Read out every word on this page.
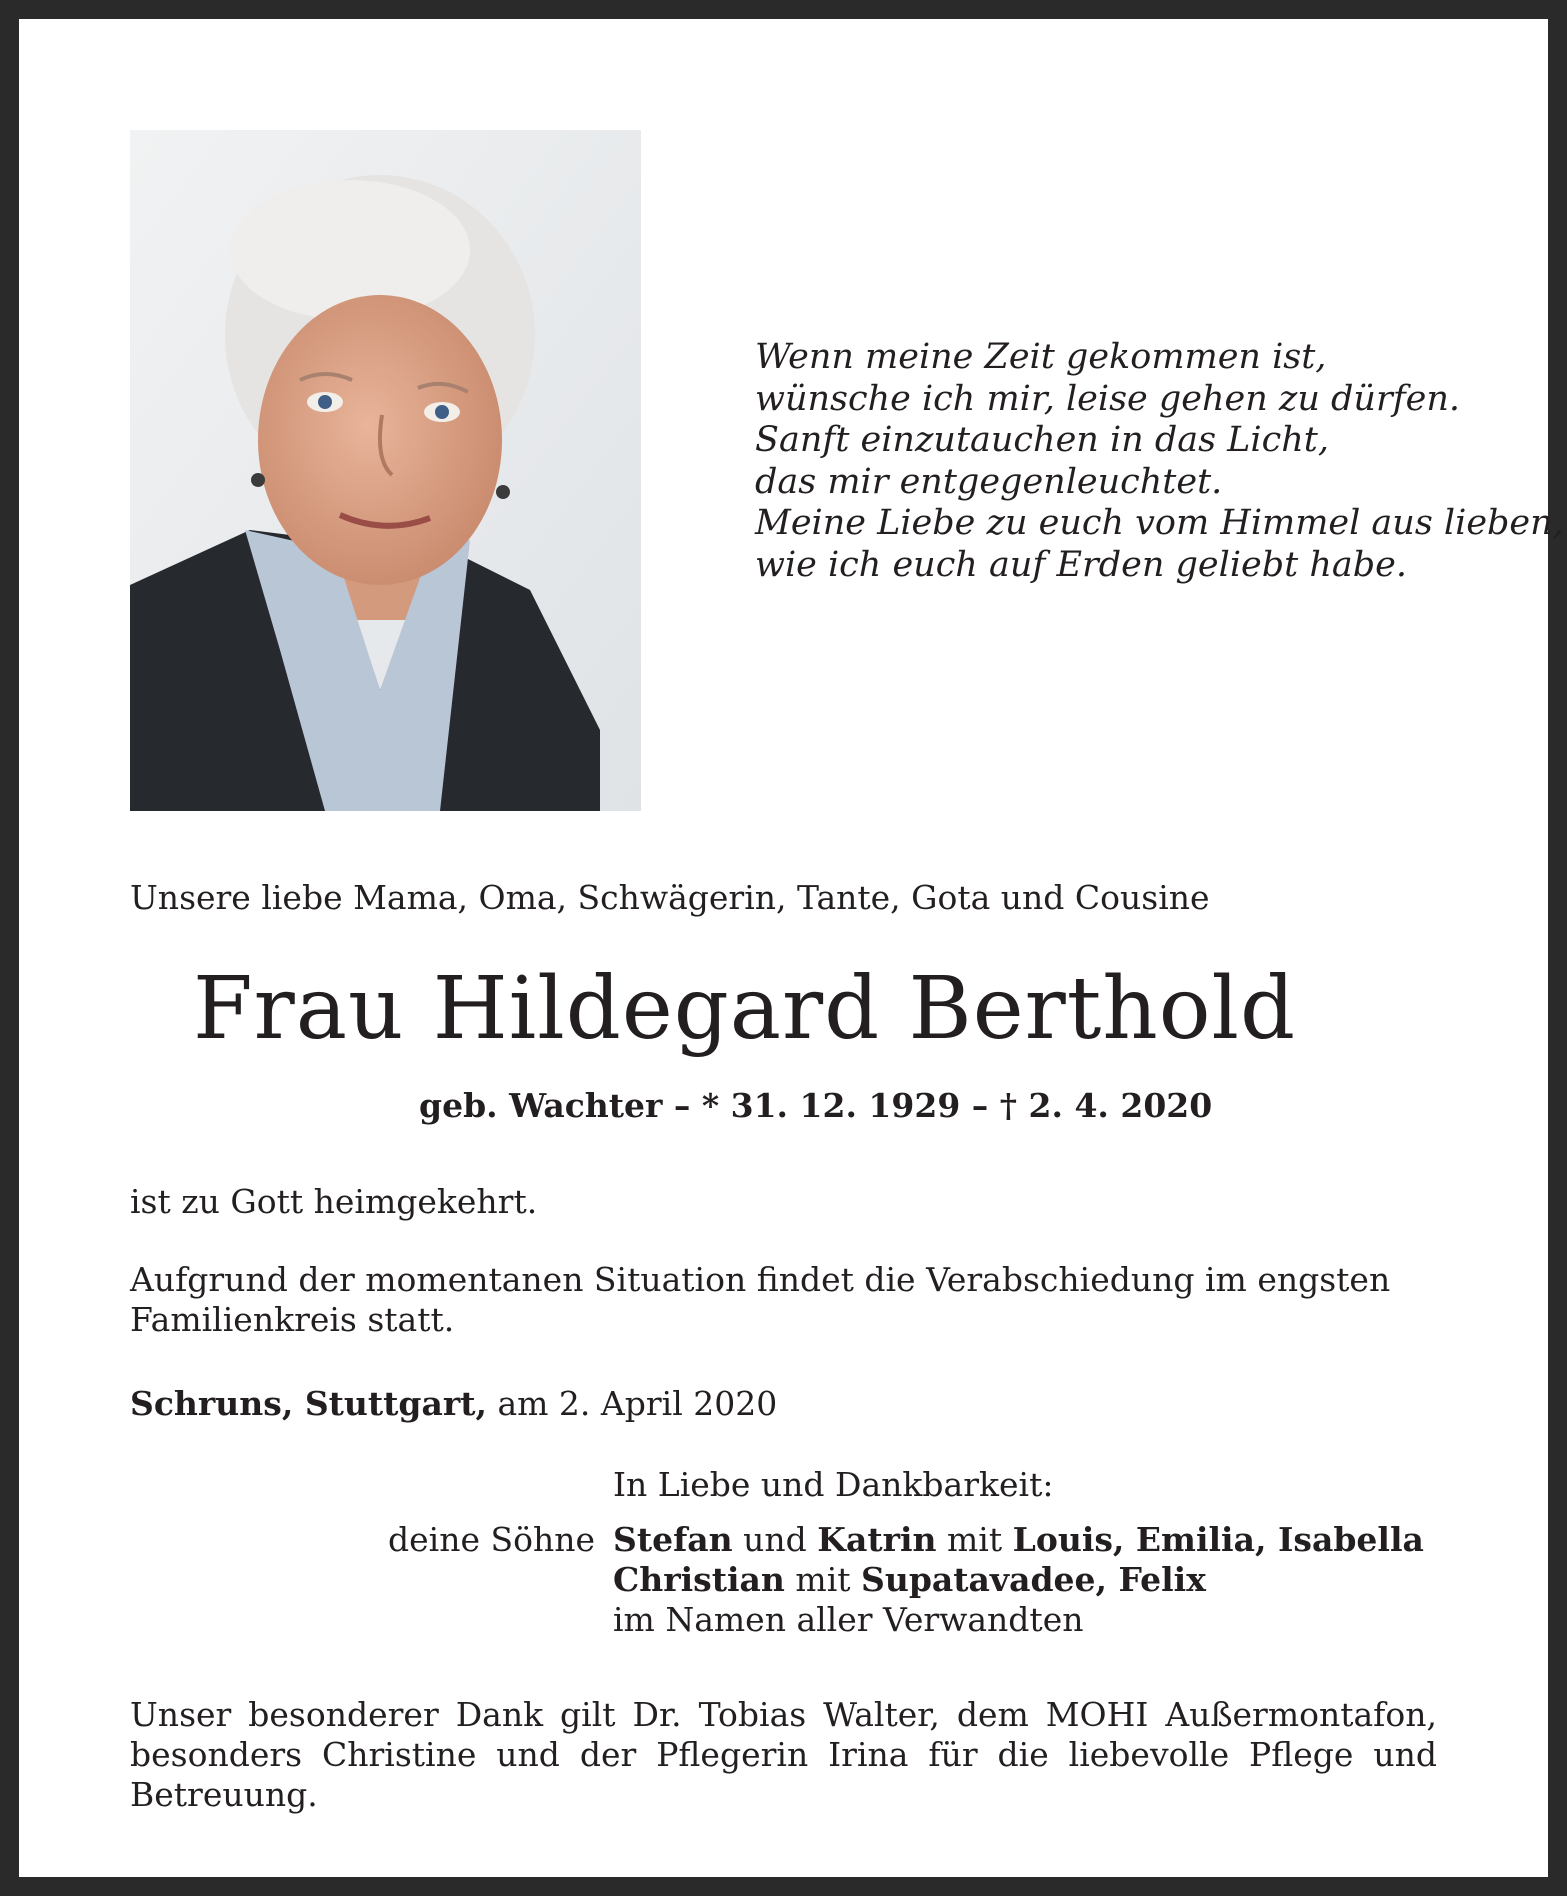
Wenn meine Zeit gekommen ist,
wünsche ich mir, leise gehen zu dürfen.
Sanft einzutauchen in das Licht,
das mir entgegenleuchtet.
Meine Liebe zu euch vom Himmel aus lieben,
wie ich euch auf Erden geliebt habe.
Unsere liebe Mama, Oma, Schwägerin, Tante, Gota und Cousine
Frau Hildegard Berthold
geb. Wachter – * 31. 12. 1929 – † 2. 4. 2020
ist zu Gott heimgekehrt.
Aufgrund der momentanen Situation findet die Verabschiedung im engsten Familienkreis statt.
Schruns, Stuttgart, am 2. April 2020
In Liebe und Dankbarkeit:
deine Söhne Stefan und Katrin mit Louis, Emilia, Isabella
Christian mit Supatavadee, Felix
im Namen aller Verwandten
Unser besonderer Dank gilt Dr. Tobias Walter, dem MOHI Außermontafon, besonders Christine und der Pflegerin Irina für die liebevolle Pflege und Betreuung.
